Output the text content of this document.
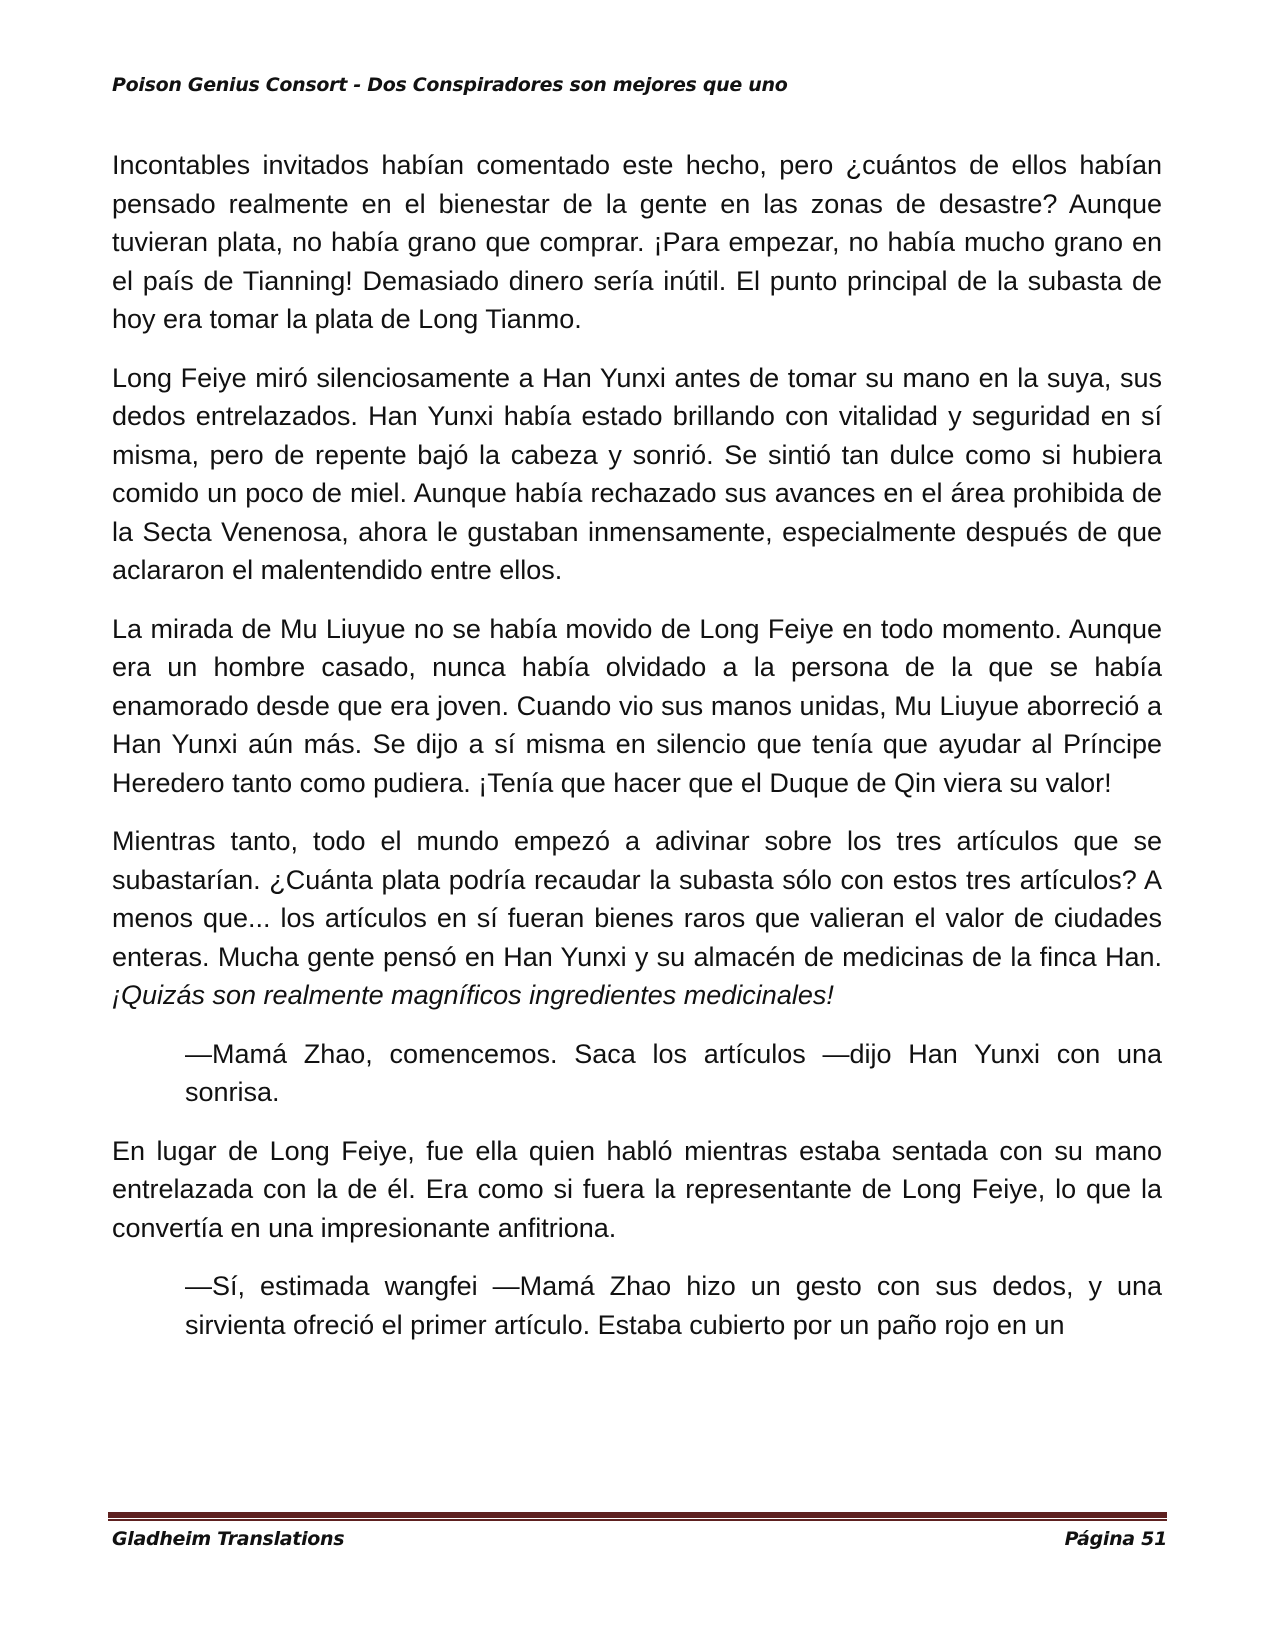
Poison Genius Consort - Dos Conspiradores son mejores que uno

Incontables invitados habían comentado este hecho, pero ¿cuántos de ellos habían pensado realmente en el bienestar de la gente en las zonas de desastre? Aunque tuvieran plata, no había grano que comprar. ¡Para empezar, no había mucho grano en el país de Tianning! Demasiado dinero sería inútil. El punto principal de la subasta de hoy era tomar la plata de Long Tianmo.

Long Feiye miró silenciosamente a Han Yunxi antes de tomar su mano en la suya, sus dedos entrelazados. Han Yunxi había estado brillando con vitalidad y seguridad en sí misma, pero de repente bajó la cabeza y sonrió. Se sintió tan dulce como si hubiera comido un poco de miel. Aunque había rechazado sus avances en el área prohibida de la Secta Venenosa, ahora le gustaban inmensamente, especialmente después de que aclararon el malentendido entre ellos.

La mirada de Mu Liuyue no se había movido de Long Feiye en todo momento. Aunque era un hombre casado, nunca había olvidado a la persona de la que se había enamorado desde que era joven. Cuando vio sus manos unidas, Mu Liuyue aborreció a Han Yunxi aún más. Se dijo a sí misma en silencio que tenía que ayudar al Príncipe Heredero tanto como pudiera. ¡Tenía que hacer que el Duque de Qin viera su valor!

Mientras tanto, todo el mundo empezó a adivinar sobre los tres artículos que se subastarían. ¿Cuánta plata podría recaudar la subasta sólo con estos tres artículos? A menos que... los artículos en sí fueran bienes raros que valieran el valor de ciudades enteras. Mucha gente pensó en Han Yunxi y su almacén de medicinas de la finca Han. ¡Quizás son realmente magníficos ingredientes medicinales!

—Mamá Zhao, comencemos. Saca los artículos —dijo Han Yunxi con una sonrisa.

En lugar de Long Feiye, fue ella quien habló mientras estaba sentada con su mano entrelazada con la de él. Era como si fuera la representante de Long Feiye, lo que la convertía en una impresionante anfitriona.

—Sí, estimada wangfei —Mamá Zhao hizo un gesto con sus dedos, y una sirvienta ofreció el primer artículo. Estaba cubierto por un paño rojo en un

Gladheim Translations	Página 51
